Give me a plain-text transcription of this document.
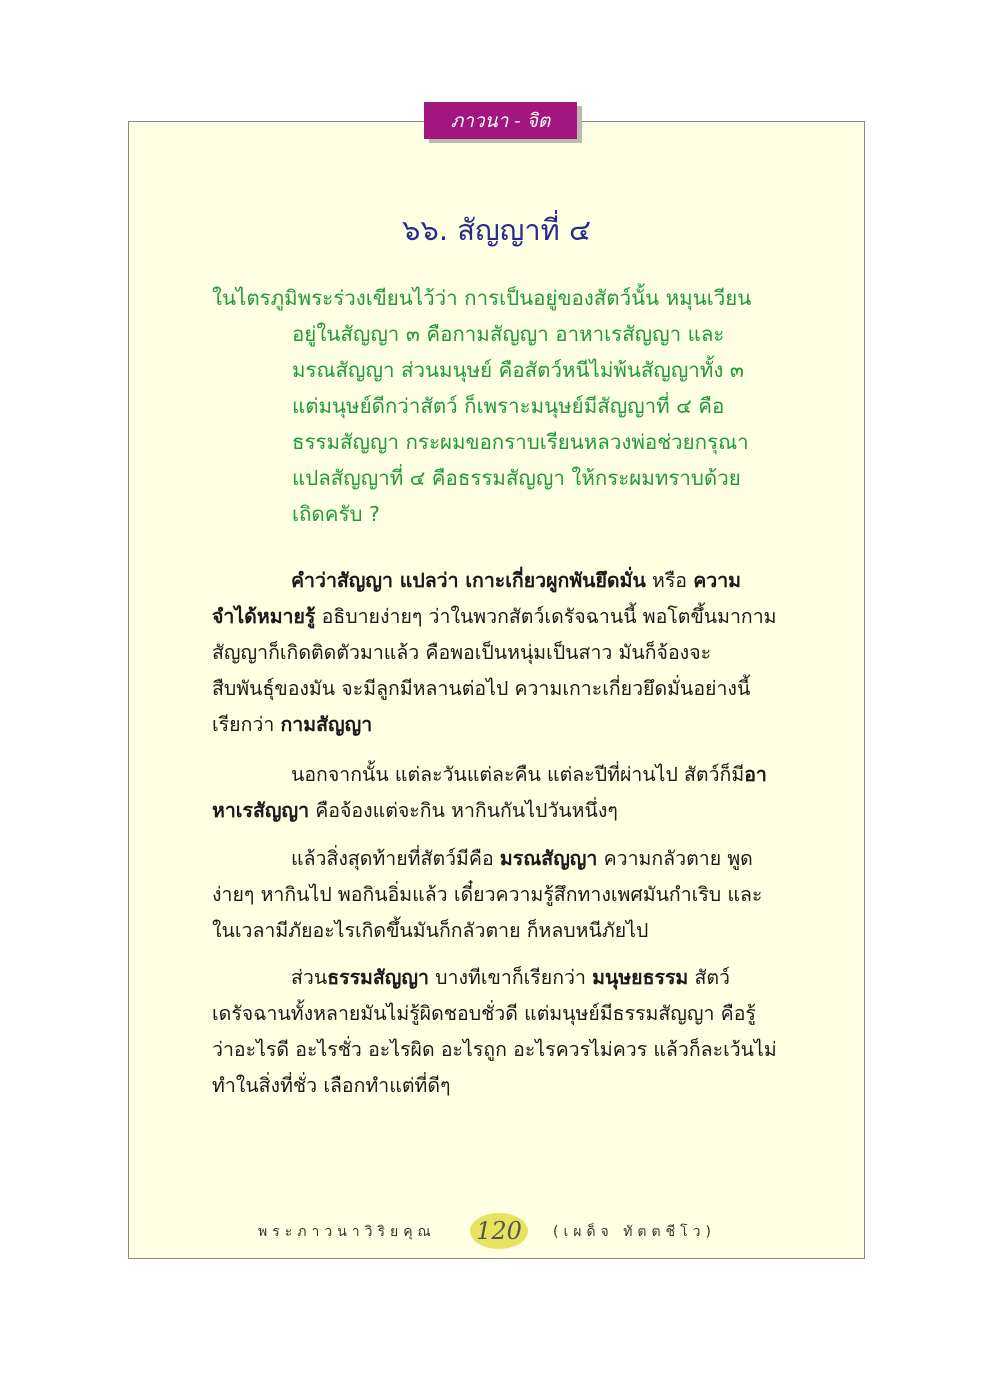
ภาวนา - จิต
๖๖. สัญญาที่ ๔
ในไตรภูมิพระร่วงเขียนไว้ว่า การเป็นอยู่ของสัตว์นั้น หมุนเวียน
อยู่ในสัญญา ๓ คือกามสัญญา อาหาเรสัญญา และ
มรณสัญญา ส่วนมนุษย์ คือสัตว์หนีไม่พ้นสัญญาทั้ง ๓
แต่มนุษย์ดีกว่าสัตว์ ก็เพราะมนุษย์มีสัญญาที่ ๔ คือ
ธรรมสัญญา กระผมขอกราบเรียนหลวงพ่อช่วยกรุณา
แปลสัญญาที่ ๔ คือธรรมสัญญา ให้กระผมทราบด้วย
เถิดครับ ?
คำว่าสัญญา แปลว่า เกาะเกี่ยวผูกพันยึดมั่น หรือ ความ
จำได้หมายรู้ อธิบายง่ายๆ ว่าในพวกสัตว์เดรัจฉานนี้ พอโตขึ้นมากาม
สัญญาก็เกิดติดตัวมาแล้ว คือพอเป็นหนุ่มเป็นสาว มันก็จ้องจะ
สืบพันธุ์ของมัน จะมีลูกมีหลานต่อไป ความเกาะเกี่ยวยึดมั่นอย่างนี้
เรียกว่า กามสัญญา
นอกจากนั้น แต่ละวันแต่ละคืน แต่ละปีที่ผ่านไป สัตว์ก็มีอา
หาเรสัญญา คือจ้องแต่จะกิน หากินกันไปวันหนึ่งๆ
แล้วสิ่งสุดท้ายที่สัตว์มีคือ มรณสัญญา ความกลัวตาย พูด
ง่ายๆ หากินไป พอกินอิ่มแล้ว เดี๋ยวความรู้สึกทางเพศมันกำเริบ และ
ในเวลามีภัยอะไรเกิดขึ้นมันก็กลัวตาย ก็หลบหนีภัยไป
ส่วนธรรมสัญญา บางทีเขาก็เรียกว่า มนุษยธรรม สัตว์
เดรัจฉานทั้งหลายมันไม่รู้ผิดชอบชั่วดี แต่มนุษย์มีธรรมสัญญา คือรู้
ว่าอะไรดี อะไรชั่ว อะไรผิด อะไรถูก อะไรควรไม่ควร แล้วก็ละเว้นไม่
ทำในสิ่งที่ชั่ว เลือกทำแต่ที่ดีๆ
พระภาวนาวิริยคุณ 120	(เผด็จ ทัตตชีโว)
